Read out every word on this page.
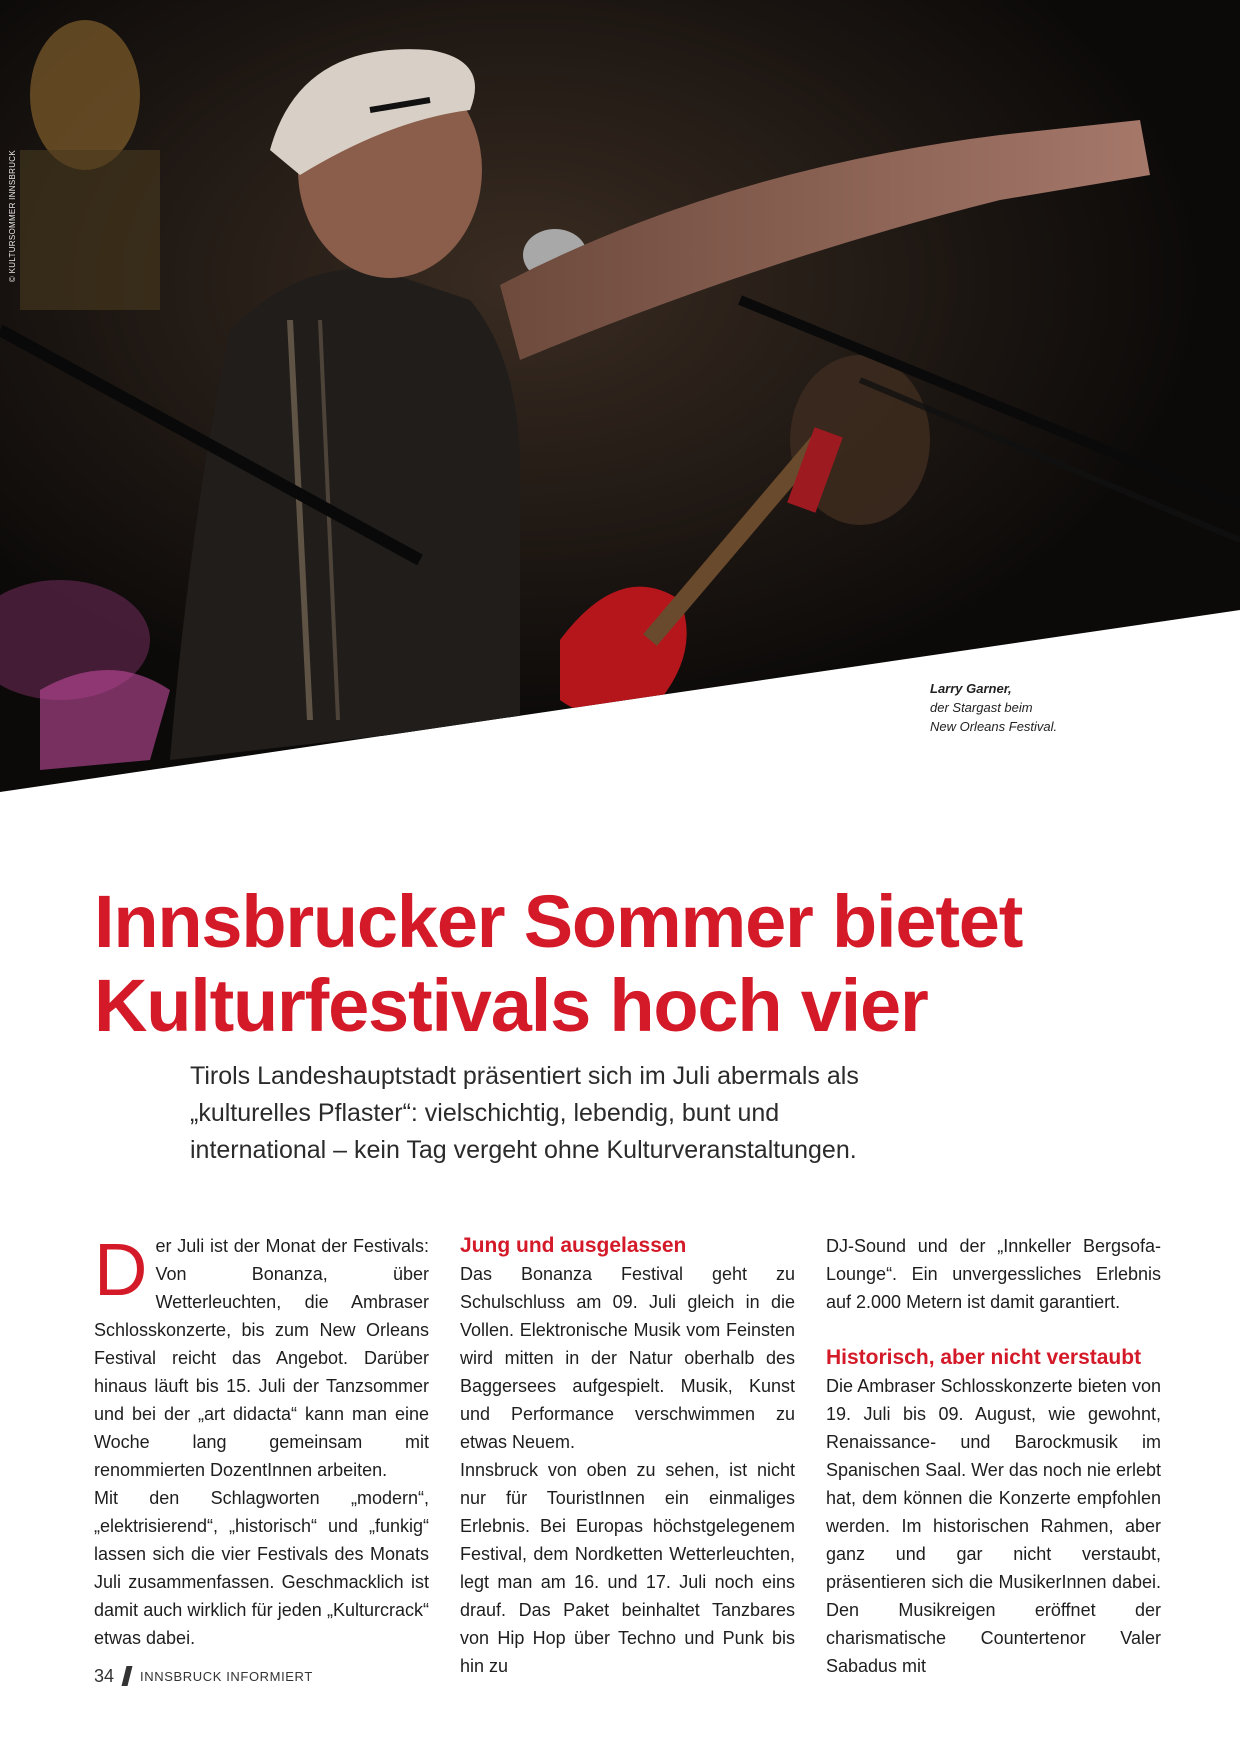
© KULTURSOMMER INNSBRUCK
Larry Garner,
der Stargast beim
New Orleans Festival.
Innsbrucker Sommer bietet
Kulturfestivals hoch vier

Tirols Landeshauptstadt präsentiert sich im Juli abermals als
„kulturelles Pflaster“: vielschichtig, lebendig, bunt und
international – kein Tag vergeht ohne Kulturveranstaltungen.

Der Juli ist der Monat der Festivals: Von Bonanza, über Wetterleuchten, die Ambraser Schlosskonzerte, bis zum New Orleans Festival reicht das Angebot. Darüber hinaus läuft bis 15. Juli der Tanzsommer und bei der „art didacta“ kann man eine Woche lang gemeinsam mit renommierten DozentInnen arbeiten.

Mit den Schlagworten „modern“, „elektrisierend“, „historisch“ und „funkig“ lassen sich die vier Festivals des Monats Juli zusammenfassen. Geschmacklich ist damit auch wirklich für jeden „Kulturcrack“ etwas dabei.

Jung und ausgelassen

Das Bonanza Festival geht zu Schulschluss am 09. Juli gleich in die Vollen. Elektronische Musik vom Feinsten wird mitten in der Natur oberhalb des Baggersees aufgespielt. Musik, Kunst und Performance verschwimmen zu etwas Neuem.

Innsbruck von oben zu sehen, ist nicht nur für TouristInnen ein einmaliges Erlebnis. Bei Europas höchstgelegenem Festival, dem Nordketten Wetterleuchten, legt man am 16. und 17. Juli noch eins drauf. Das Paket beinhaltet Tanzbares von Hip Hop über Techno und Punk bis hin zu

DJ-Sound und der „Innkeller Bergsofa-Lounge“. Ein unvergessliches Erlebnis auf 2.000 Metern ist damit garantiert.

Historisch, aber nicht verstaubt

Die Ambraser Schlosskonzerte bieten von 19. Juli bis 09. August, wie gewohnt, Renaissance- und Barockmusik im Spanischen Saal. Wer das noch nie erlebt hat, dem können die Konzerte empfohlen werden. Im historischen Rahmen, aber ganz und gar nicht verstaubt, präsentieren sich die MusikerInnen dabei. Den Musikreigen eröffnet der charismatische Countertenor Valer Sabadus mit

34 INNSBRUCK INFORMIERT
